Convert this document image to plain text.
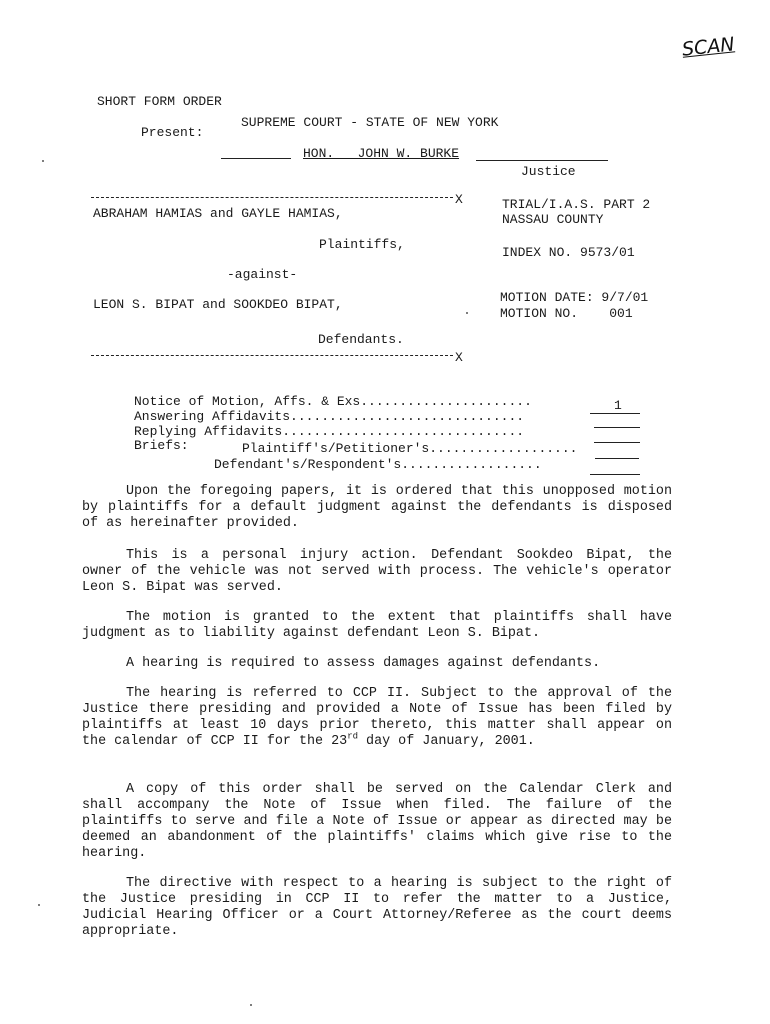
SCAN
SHORT FORM ORDER
SUPREME COURT - STATE OF NEW YORK
Present:
HON.   JOHN W. BURKE
Justice
X
ABRAHAM HAMIAS and GAYLE HAMIAS,
Plaintiffs,
-against-
LEON S. BIPAT and SOOKDEO BIPAT,
Defendants.
X
TRIAL/I.A.S. PART 2
NASSAU COUNTY
INDEX NO. 9573/01
MOTION DATE: 9/7/01
MOTION NO.    001
Notice of Motion, Affs. & Exs......................	1
Answering Affidavits..............................
Replying Affidavits...............................
Briefs:	Plaintiff's/Petitioner's...................
Defendant's/Respondent's..................
Upon the foregoing papers, it is ordered that this unopposed motion by plaintiffs for a default judgment against the defendants is disposed of as hereinafter provided.
This is a personal injury action. Defendant Sookdeo Bipat, the owner of the vehicle was not served with process. The vehicle's operator Leon S. Bipat was served.
The motion is granted to the extent that plaintiffs shall have judgment as to liability against defendant Leon S. Bipat.
A hearing is required to assess damages against defendants.
The hearing is referred to CCP II. Subject to the approval of the Justice there presiding and provided a Note of Issue has been filed by plaintiffs at least 10 days prior thereto, this matter shall appear on the calendar of CCP II for the 23rd day of January, 2001.
A copy of this order shall be served on the Calendar Clerk and shall accompany the Note of Issue when filed. The failure of the plaintiffs to serve and file a Note of Issue or appear as directed may be deemed an abandonment of the plaintiffs' claims which give rise to the hearing.
The directive with respect to a hearing is subject to the right of the Justice presiding in CCP II to refer the matter to a Justice, Judicial Hearing Officer or a Court Attorney/Referee as the court deems appropriate.
